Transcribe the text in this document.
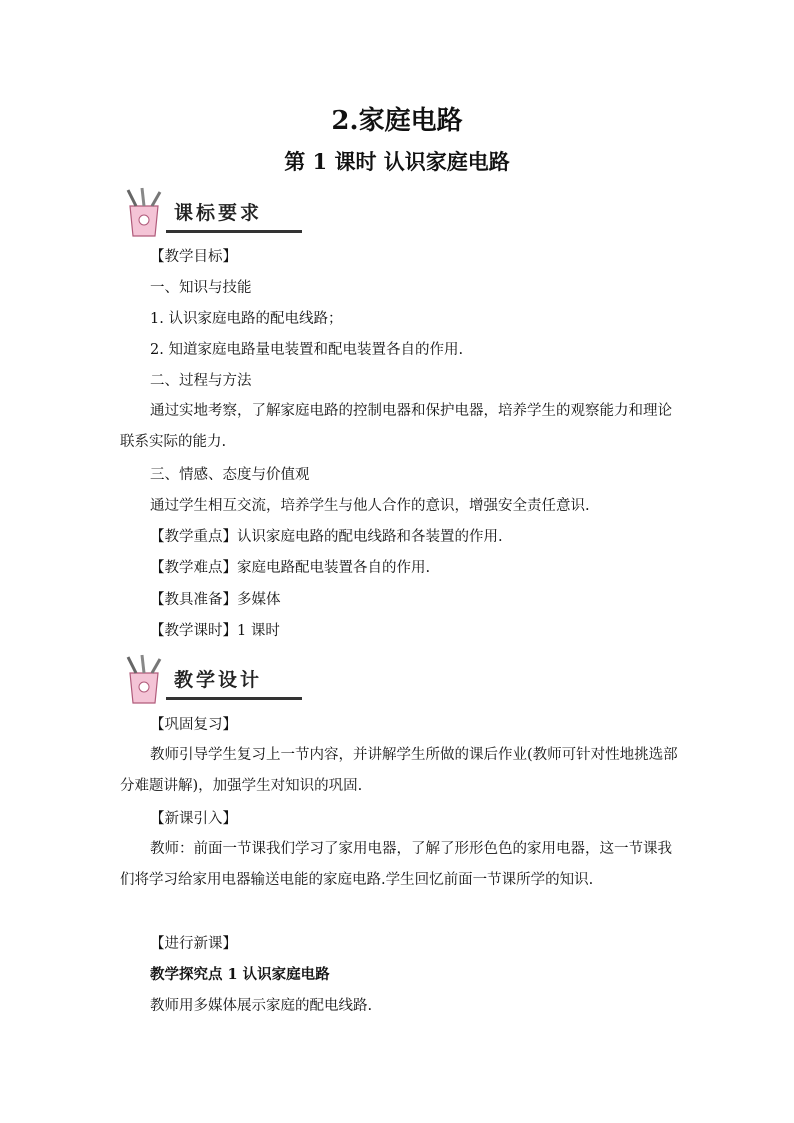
2.家庭电路
第 1 课时 认识家庭电路
课标要求
【教学目标】
一、知识与技能
1. 认识家庭电路的配电线路；
2. 知道家庭电路量电装置和配电装置各自的作用.
二、过程与方法
通过实地考察，了解家庭电路的控制电器和保护电器，培养学生的观察能力和理论联系实际的能力.
三、情感、态度与价值观
通过学生相互交流，培养学生与他人合作的意识，增强安全责任意识.
【教学重点】认识家庭电路的配电线路和各装置的作用.
【教学难点】家庭电路配电装置各自的作用.
【教具准备】多媒体
【教学课时】1 课时
教学设计
【巩固复习】
教师引导学生复习上一节内容，并讲解学生所做的课后作业(教师可针对性地挑选部分难题讲解)，加强学生对知识的巩固.
【新课引入】
教师：前面一节课我们学习了家用电器，了解了形形色色的家用电器，这一节课我们将学习给家用电器输送电能的家庭电路.学生回忆前面一节课所学的知识.
【进行新课】
教学探究点 1 认识家庭电路
教师用多媒体展示家庭的配电线路.
